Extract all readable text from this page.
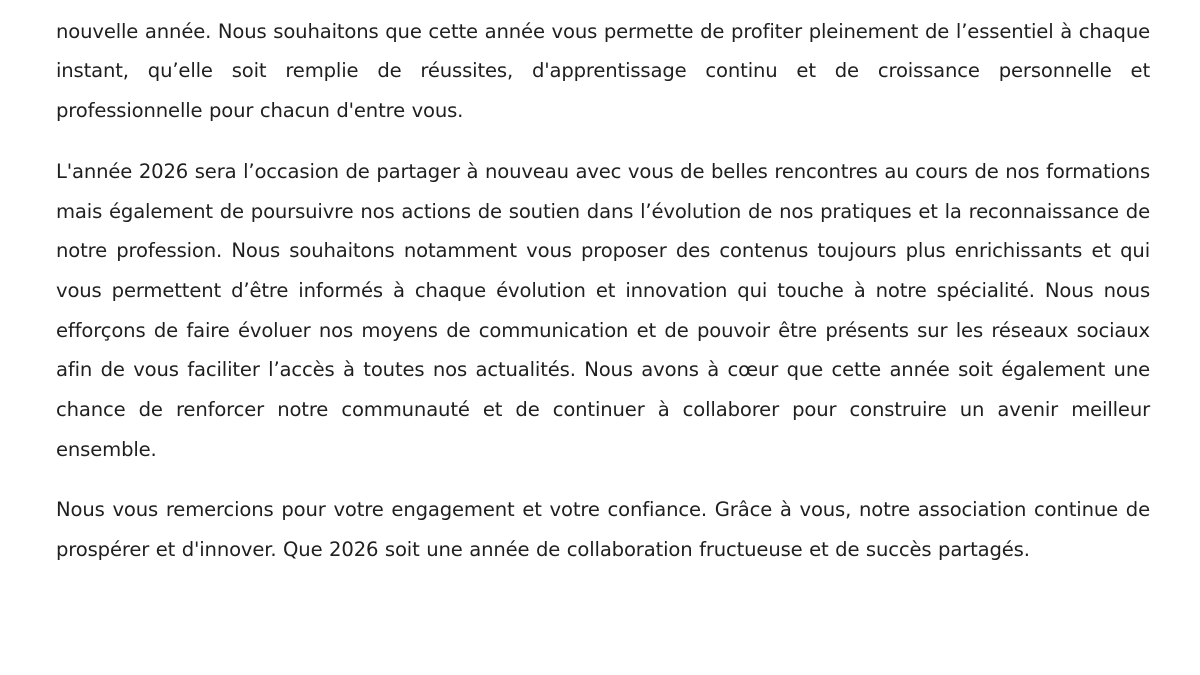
nouvelle année. Nous souhaitons que cette année vous permette de profiter pleinement de l’essentiel à chaque instant, qu’elle soit remplie de réussites, d'apprentissage continu et de croissance personnelle et professionnelle pour chacun d'entre vous.

L'année 2026 sera l’occasion de partager à nouveau avec vous de belles rencontres au cours de nos formations mais également de poursuivre nos actions de soutien dans l’évolution de nos pratiques et la reconnaissance de notre profession. Nous souhaitons notamment vous proposer des contenus toujours plus enrichissants et qui vous permettent d’être informés à chaque évolution et innovation qui touche à notre spécialité. Nous nous efforçons de faire évoluer nos moyens de communication et de pouvoir être présents sur les réseaux sociaux afin de vous faciliter l’accès à toutes nos actualités. Nous avons à cœur que cette année soit également une chance de renforcer notre communauté et de continuer à collaborer pour construire un avenir meilleur ensemble.

Nous vous remercions pour votre engagement et votre confiance. Grâce à vous, notre association continue de prospérer et d'innover. Que 2026 soit une année de collaboration fructueuse et de succès partagés.
